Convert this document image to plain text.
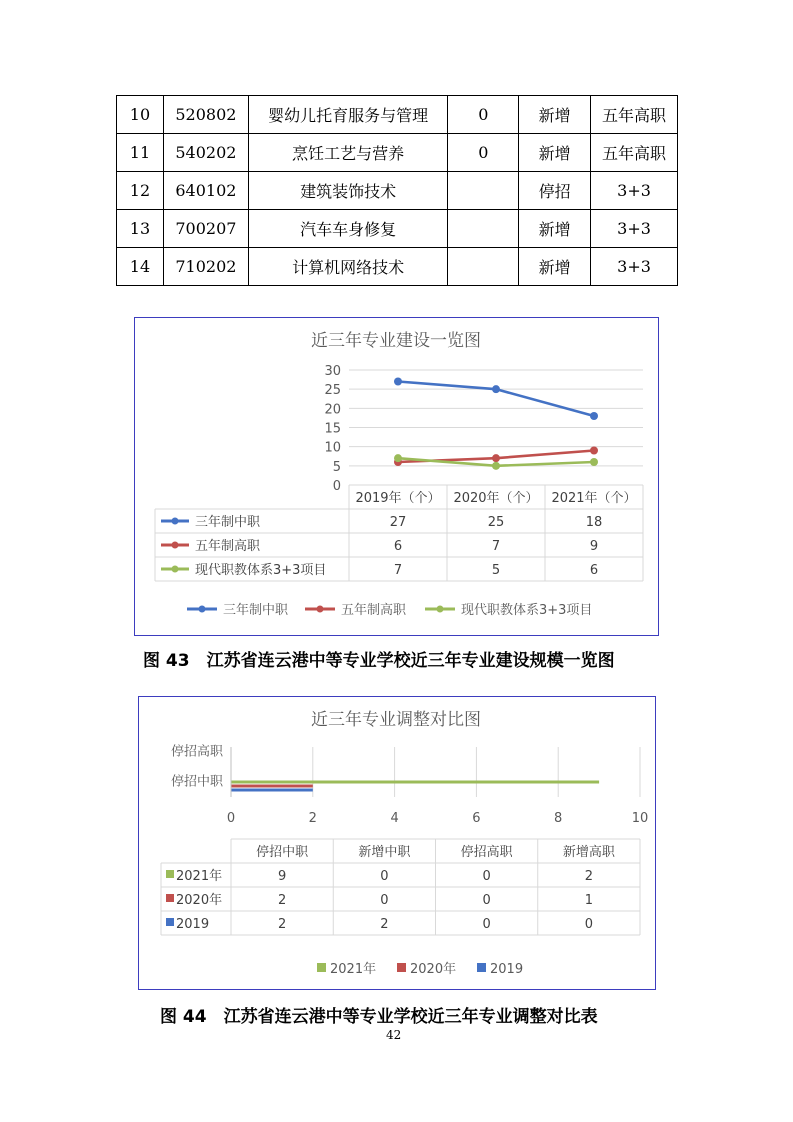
10	520802	婴幼儿托育服务与管理	0	新增	五年高职
11	540202	烹饪工艺与营养	0	新增	五年高职
12	640102	建筑装饰技术		停招	3+3
13	700207	汽车车身修复		新增	3+3
14	710202	计算机网络技术		新增	3+3
近三年专业建设一览图
0
5
10
15
20
25
30
2019年（个） 2020年（个） 2021年（个）
三年制中职	27	25	18
五年制高职	6	7	9
现代职教体系3+3项目	7	5	6
三年制中职	五年制高职	现代职教体系3+3项目
图 43　江苏省连云港中等专业学校近三年专业建设规模一览图
近三年专业调整对比图
0	2	4	6	8	10
停招中职
停招高职
停招中职	新增中职	停招高职	新增高职
2021年	9	0	0	2
2020年	2	0	0	1
2019	2	2	0	0
2021年	2020年	2019
图 44　江苏省连云港中等专业学校近三年专业调整对比表
42
